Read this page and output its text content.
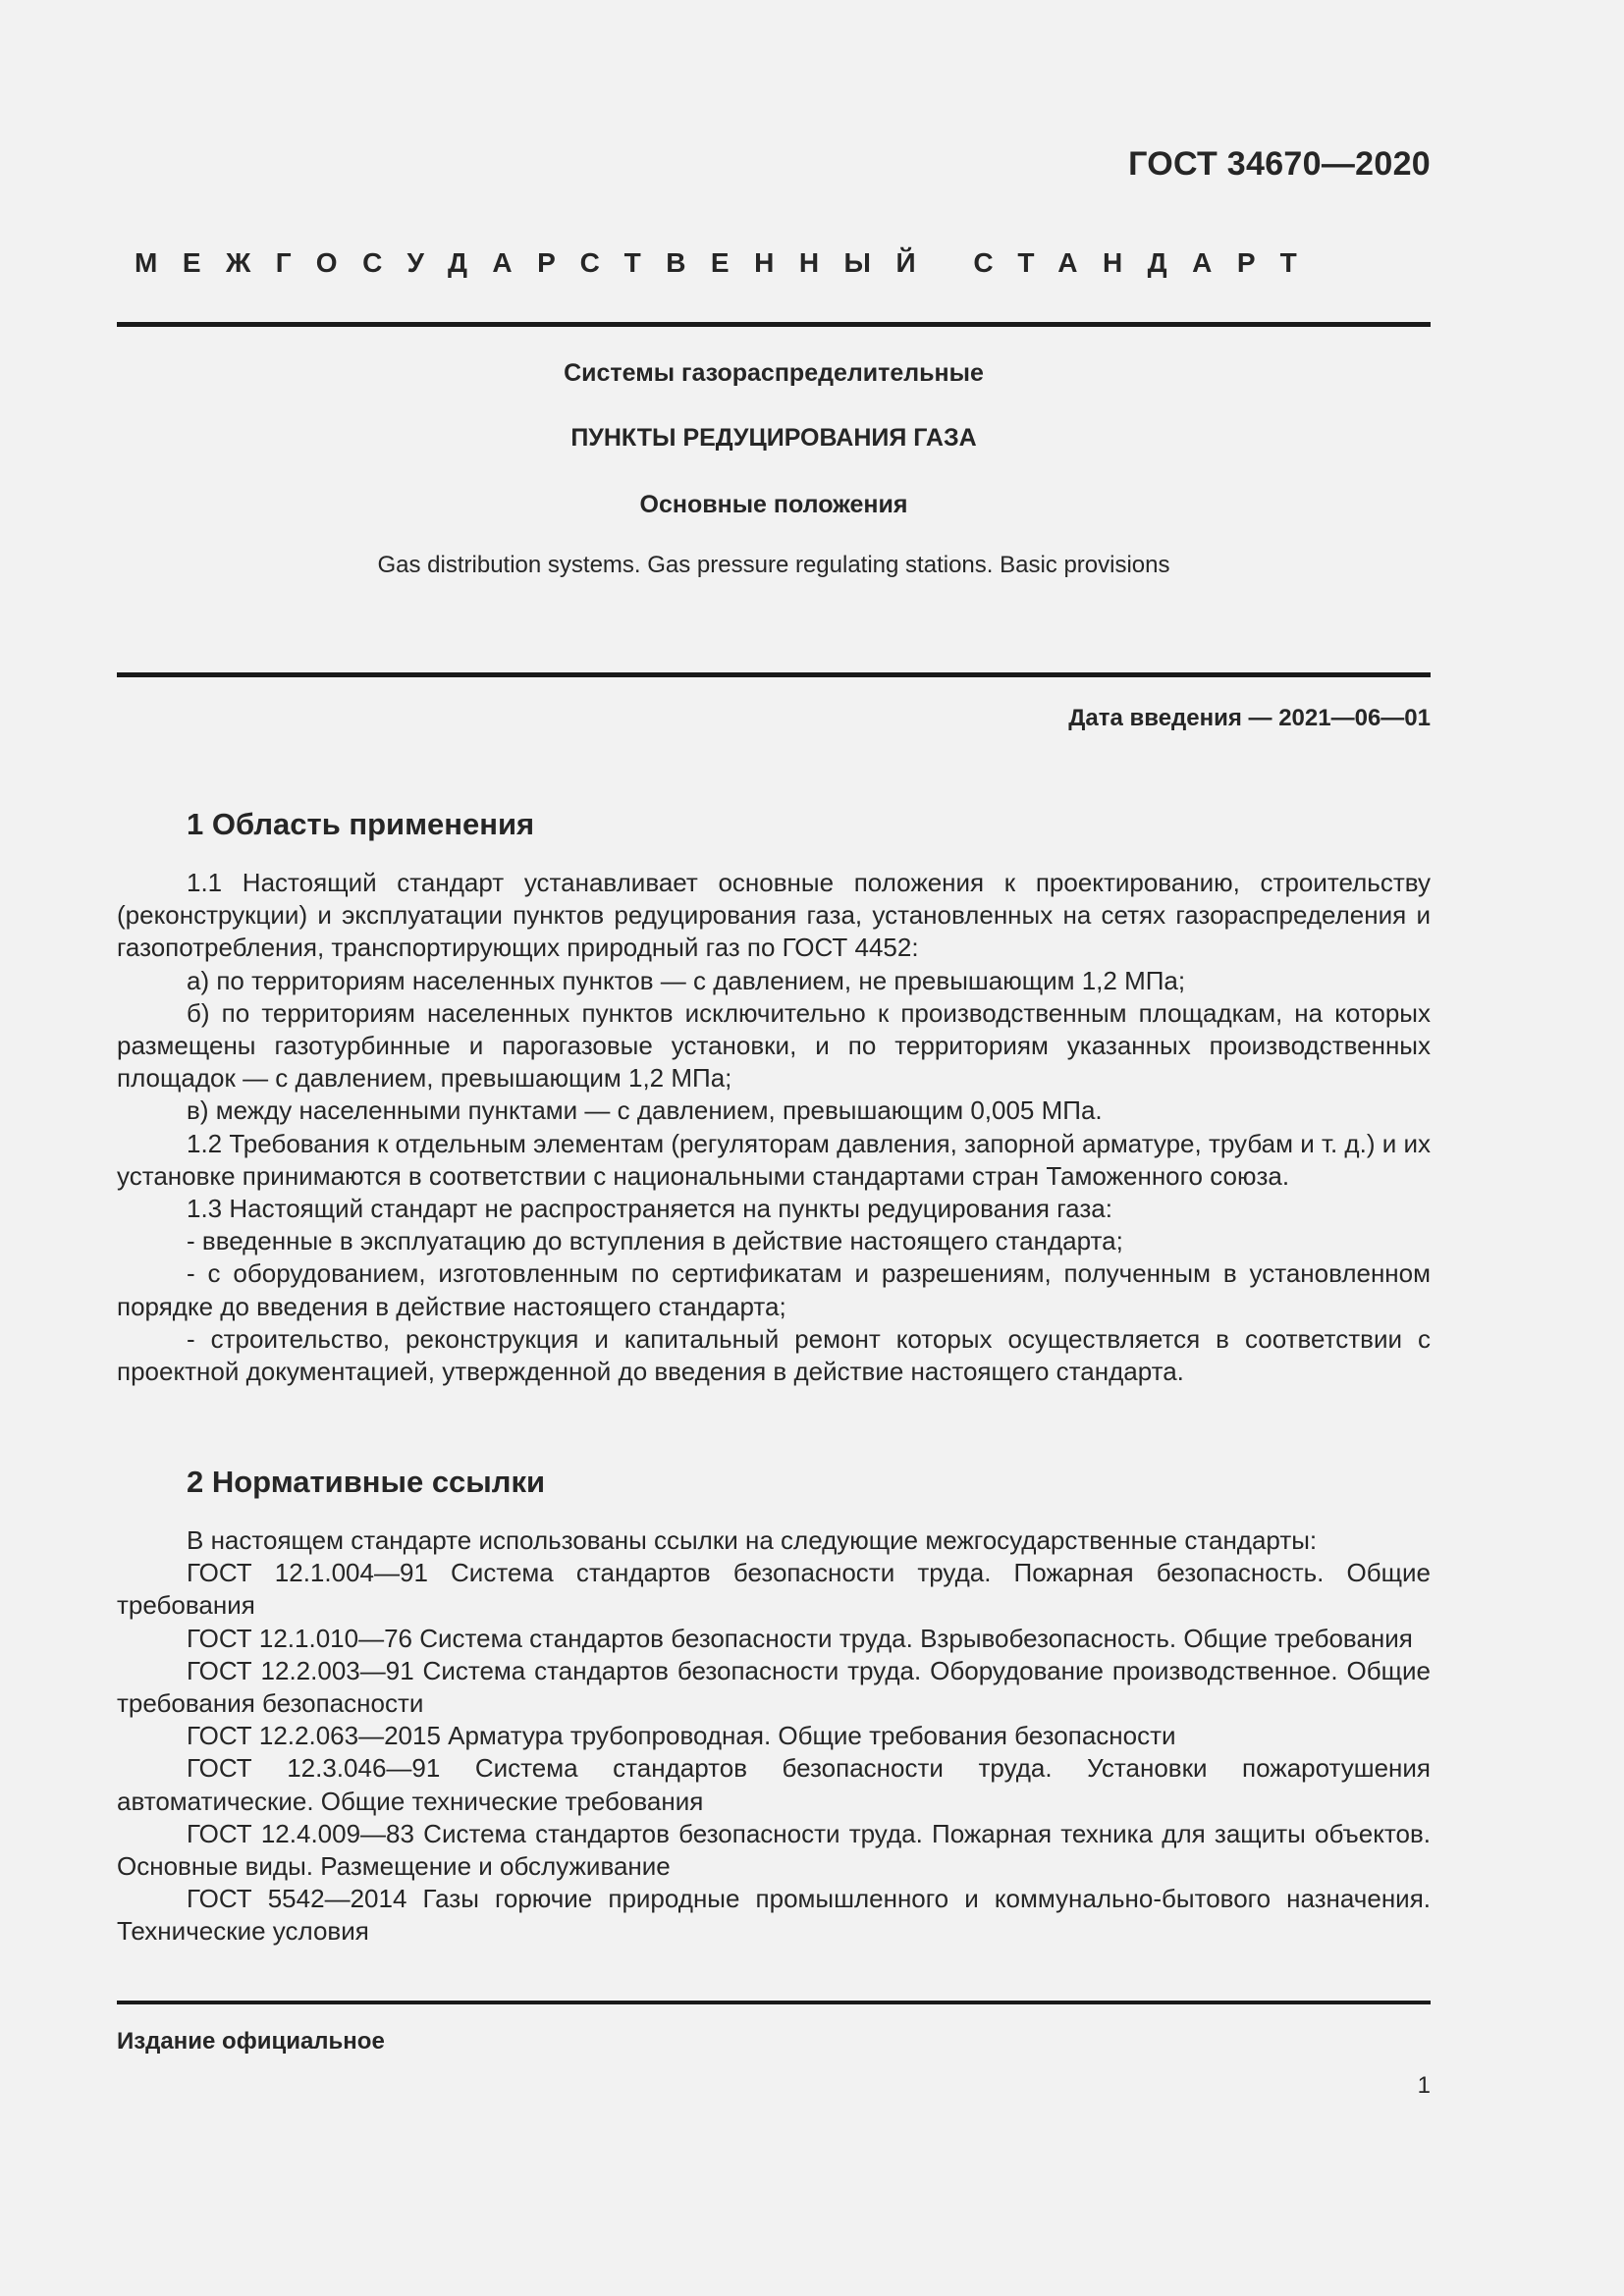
ГОСТ 34670—2020
МЕЖГОСУДАРСТВЕННЫЙ СТАНДАРТ
Системы газораспределительные
ПУНКТЫ РЕДУЦИРОВАНИЯ ГАЗА
Основные положения
Gas distribution systems. Gas pressure regulating stations. Basic provisions
Дата введения — 2021—06—01
1 Область применения

1.1 Настоящий стандарт устанавливает основные положения к проектированию, строительству (реконструкции) и эксплуатации пунктов редуцирования газа, установленных на сетях газораспределения и газопотребления, транспортирующих природный газ по ГОСТ 4452:

а) по территориям населенных пунктов — с давлением, не превышающим 1,2 МПа;

б) по территориям населенных пунктов исключительно к производственным площадкам, на которых размещены газотурбинные и парогазовые установки, и по территориям указанных производственных площадок — с давлением, превышающим 1,2 МПа;

в) между населенными пунктами — с давлением, превышающим 0,005 МПа.

1.2 Требования к отдельным элементам (регуляторам давления, запорной арматуре, трубам и т. д.) и их установке принимаются в соответствии с национальными стандартами стран Таможенного союза.

1.3 Настоящий стандарт не распространяется на пункты редуцирования газа:

- введенные в эксплуатацию до вступления в действие настоящего стандарта;

- с оборудованием, изготовленным по сертификатам и разрешениям, полученным в установленном порядке до введения в действие настоящего стандарта;

- строительство, реконструкция и капитальный ремонт которых осуществляется в соответствии с проектной документацией, утвержденной до введения в действие настоящего стандарта.

2 Нормативные ссылки

В настоящем стандарте использованы ссылки на следующие межгосударственные стандарты:

ГОСТ 12.1.004—91 Система стандартов безопасности труда. Пожарная безопасность. Общие требования

ГОСТ 12.1.010—76 Система стандартов безопасности труда. Взрывобезопасность. Общие требования

ГОСТ 12.2.003—91 Система стандартов безопасности труда. Оборудование производственное. Общие требования безопасности

ГОСТ 12.2.063—2015 Арматура трубопроводная. Общие требования безопасности

ГОСТ 12.3.046—91 Система стандартов безопасности труда. Установки пожаротушения автоматические. Общие технические требования

ГОСТ 12.4.009—83 Система стандартов безопасности труда. Пожарная техника для защиты объектов. Основные виды. Размещение и обслуживание

ГОСТ 5542—2014 Газы горючие природные промышленного и коммунально-бытового назначения. Технические условия

Издание официальное
1
